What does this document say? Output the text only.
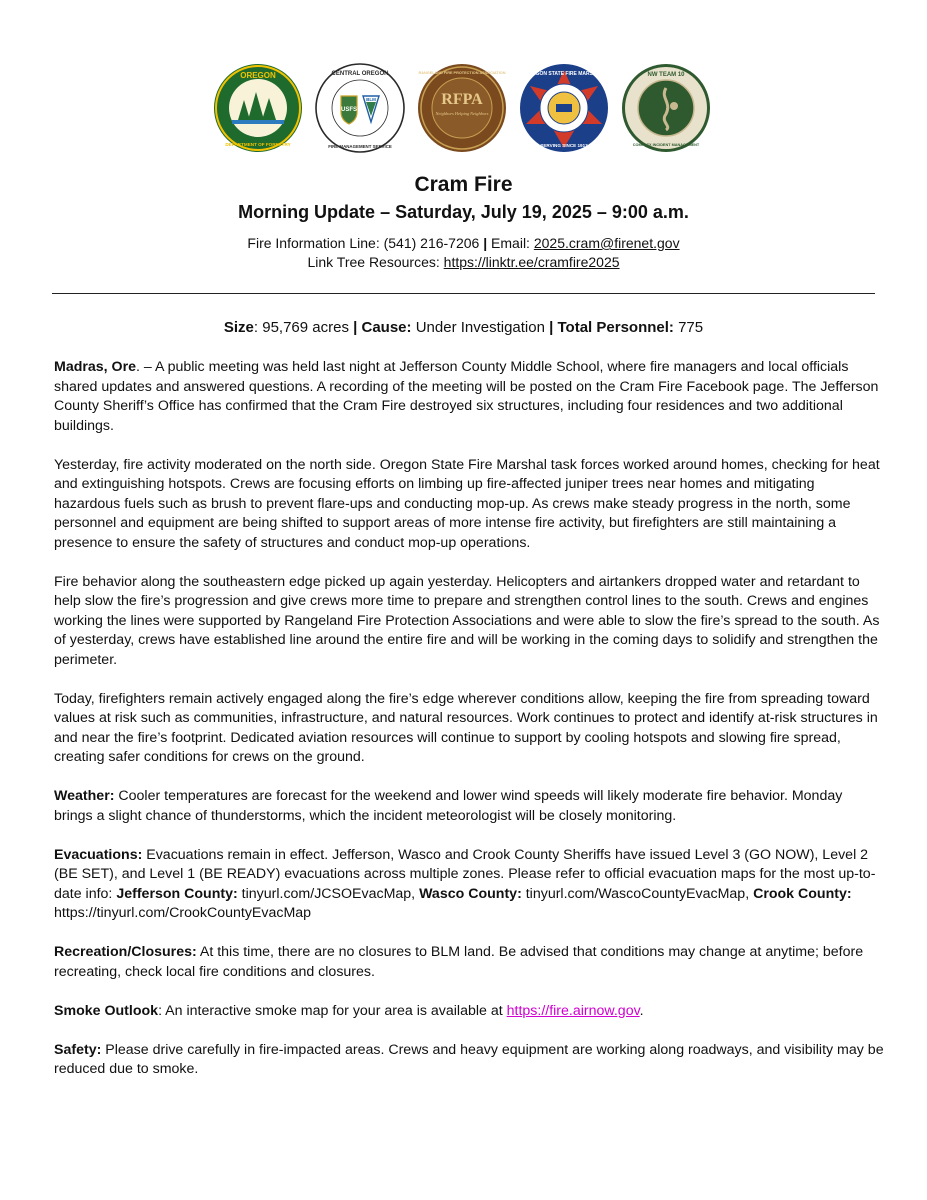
OREGON
DEPARTMENT OF FORESTRY
USFS
BLM
CENTRAL OREGON
FIRE MANAGEMENT SERVICE
RFPA
Neighbors Helping Neighbors
RANGELAND FIRE PROTECTION ASSOCIATION	OREGON STATE FIRE MARSHAL
SERVING SINCE 1917
NW TEAM 10
COMPLEX INCIDENT MANAGEMENT
Cram Fire
Morning Update – Saturday, July 19, 2025 – 9:00 a.m.
Fire Information Line: (541) 216-7206 | Email: 2025.cram@firenet.gov
Link Tree Resources: https://linktr.ee/cramfire2025
Size: 95,769 acres | Cause: Under Investigation | Total Personnel: 775

Madras, Ore. – A public meeting was held last night at Jefferson County Middle School, where fire managers and local officials shared updates and answered questions. A recording of the meeting will be posted on the Cram Fire Facebook page. The Jefferson County Sheriff’s Office has confirmed that the Cram Fire destroyed six structures, including four residences and two additional buildings.

Yesterday, fire activity moderated on the north side. Oregon State Fire Marshal task forces worked around homes, checking for heat and extinguishing hotspots. Crews are focusing efforts on limbing up fire-affected juniper trees near homes and mitigating hazardous fuels such as brush to prevent flare-ups and conducting mop-up. As crews make steady progress in the north, some personnel and equipment are being shifted to support areas of more intense fire activity, but firefighters are still maintaining a presence to ensure the safety of structures and conduct mop-up operations.

Fire behavior along the southeastern edge picked up again yesterday. Helicopters and airtankers dropped water and retardant to help slow the fire’s progression and give crews more time to prepare and strengthen control lines to the south. Crews and engines working the lines were supported by Rangeland Fire Protection Associations and were able to slow the fire’s spread to the south. As of yesterday, crews have established line around the entire fire and will be working in the coming days to solidify and strengthen the perimeter.

Today, firefighters remain actively engaged along the fire’s edge wherever conditions allow, keeping the fire from spreading toward values at risk such as communities, infrastructure, and natural resources. Work continues to protect and identify at-risk structures in and near the fire’s footprint. Dedicated aviation resources will continue to support by cooling hotspots and slowing fire spread, creating safer conditions for crews on the ground.

Weather: Cooler temperatures are forecast for the weekend and lower wind speeds will likely moderate fire behavior. Monday brings a slight chance of thunderstorms, which the incident meteorologist will be closely monitoring.

Evacuations: Evacuations remain in effect. Jefferson, Wasco and Crook County Sheriffs have issued Level 3 (GO NOW), Level 2 (BE SET), and Level 1 (BE READY) evacuations across multiple zones. Please refer to official evacuation maps for the most up-to-date info: Jefferson County: tinyurl.com/JCSOEvacMap, Wasco County: tinyurl.com/WascoCountyEvacMap, Crook County: https://tinyurl.com/CrookCountyEvacMap

Recreation/Closures: At this time, there are no closures to BLM land. Be advised that conditions may change at anytime; before recreating, check local fire conditions and closures.

Smoke Outlook: An interactive smoke map for your area is available at https://fire.airnow.gov.

Safety: Please drive carefully in fire-impacted areas. Crews and heavy equipment are working along roadways, and visibility may be reduced due to smoke.
